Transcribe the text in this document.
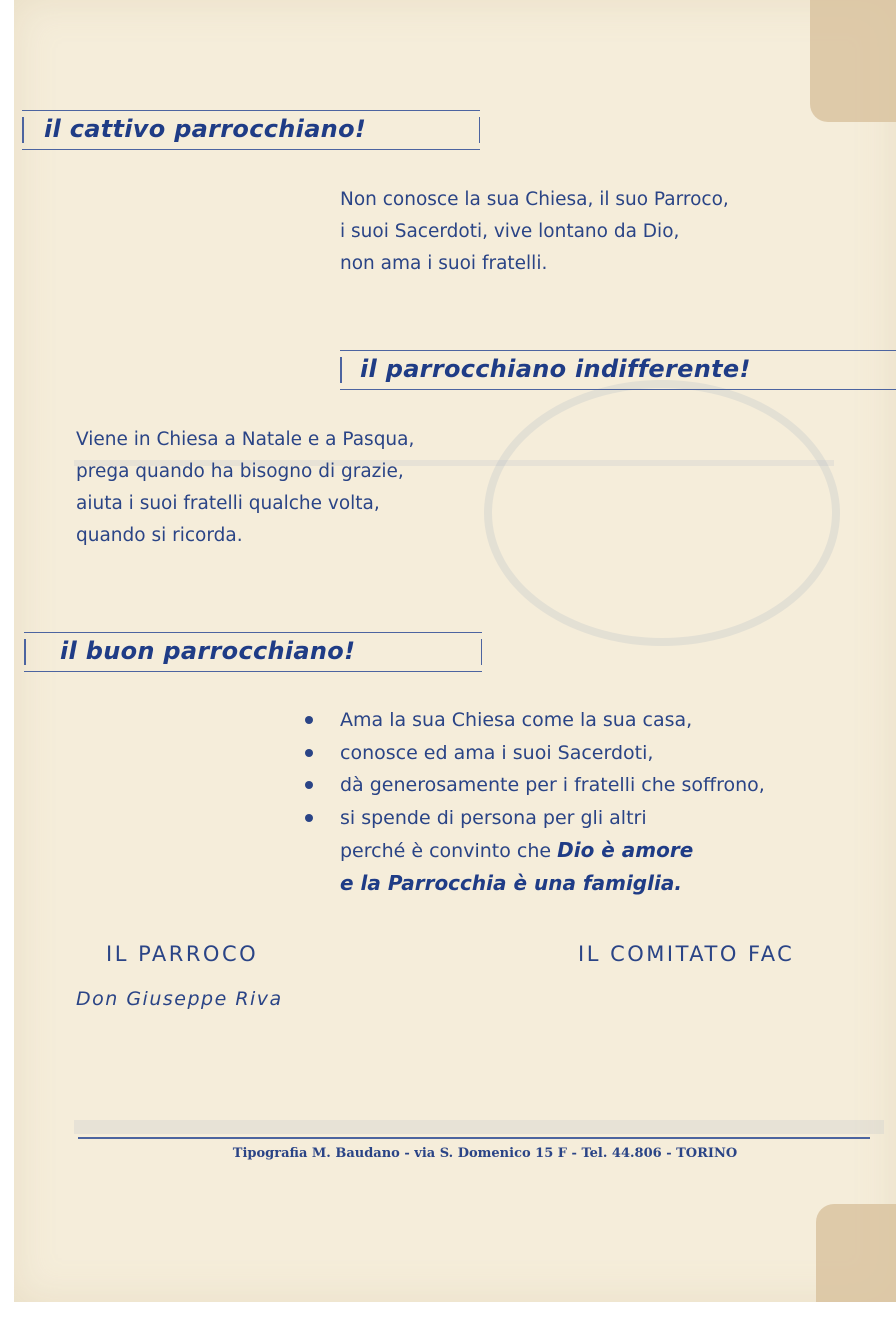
il cattivo parrocchiano!
Non conosce la sua Chiesa, il suo Parroco,
i suoi Sacerdoti, vive lontano da Dio,
non ama i suoi fratelli.
il parrocchiano indifferente!
Viene in Chiesa a Natale e a Pasqua,
prega quando ha bisogno di grazie,
aiuta i suoi fratelli qualche volta,
quando si ricorda.
il buon parrocchiano!
Ama la sua Chiesa come la sua casa,
conosce ed ama i suoi Sacerdoti,
dà generosamente per i fratelli che soffrono,
si spende di persona per gli altri
perché è convinto che Dio è amore
e la Parrocchia è una famiglia.
IL PARROCO
Don Giuseppe Riva
IL COMITATO FAC
Tipografia M. Baudano - via S. Domenico 15 F - Tel. 44.806 - TORINO
